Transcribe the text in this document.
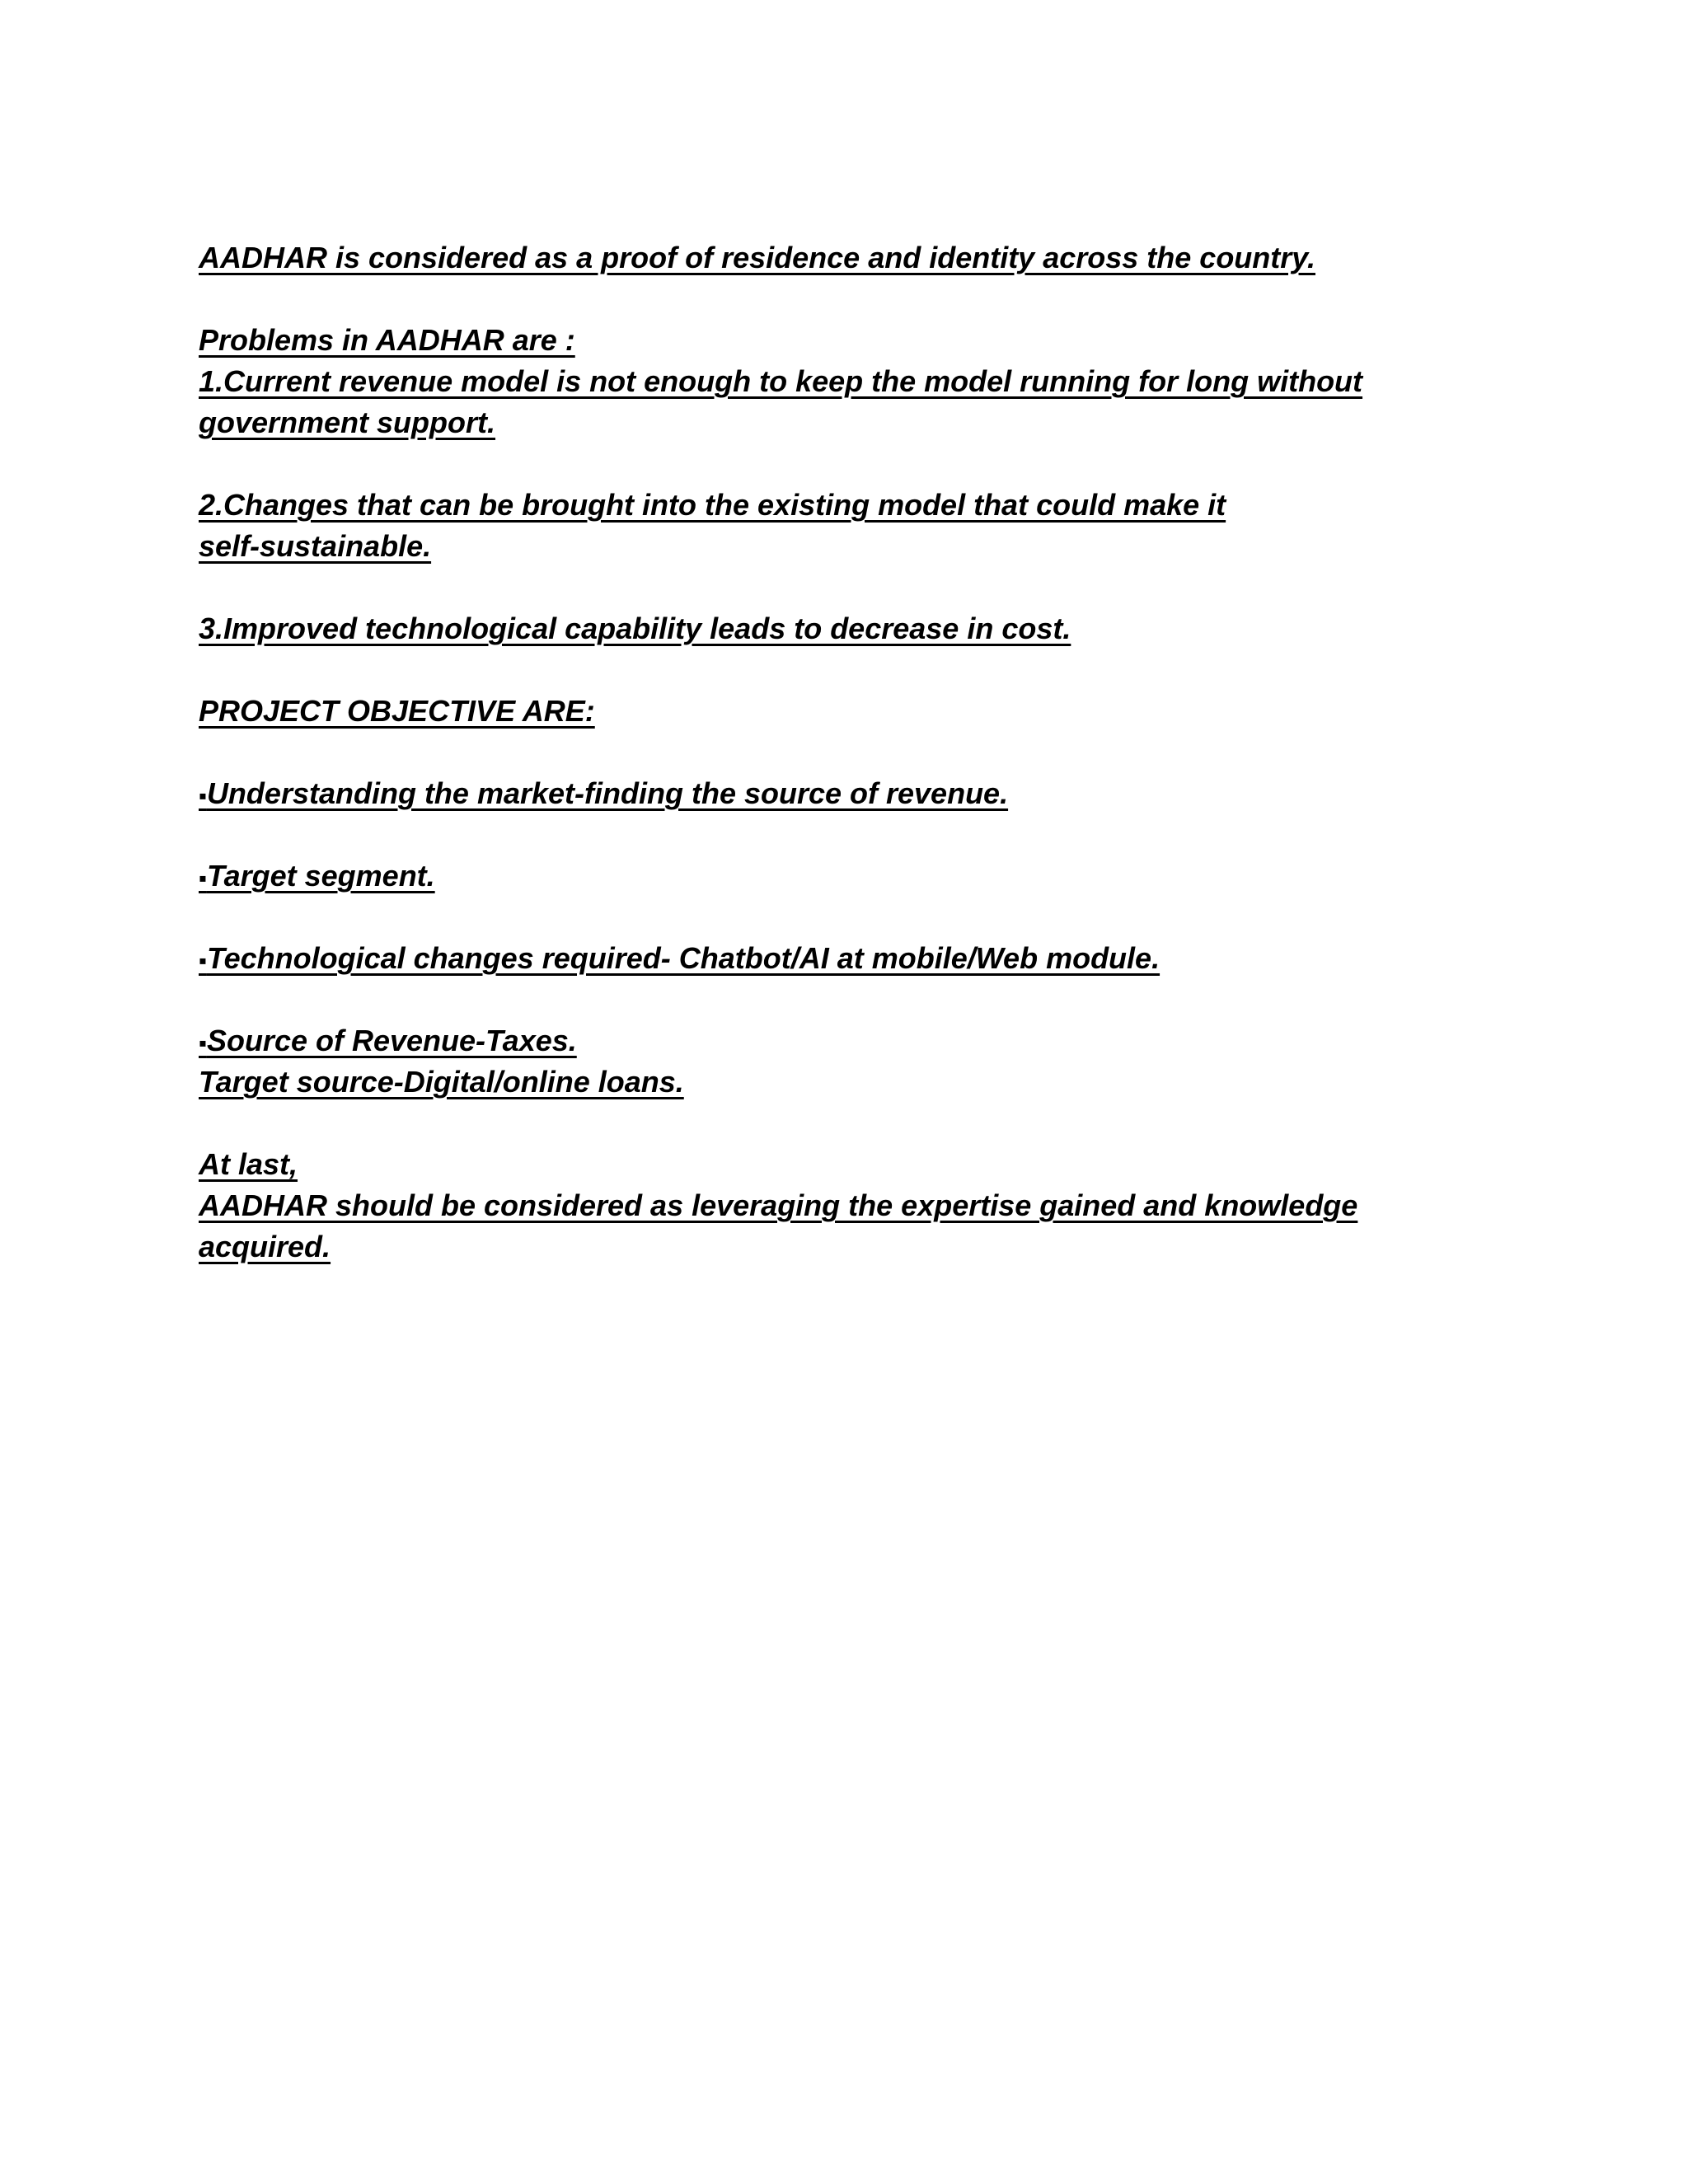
AADHAR is considered as a proof of residence and identity across the country.
Problems in AADHAR are :
1.Current revenue model is not enough to keep the model running for long without
government support.
2.Changes that can be brought into the existing model that could make it
self-sustainable.
3.Improved technological capability leads to decrease in cost.
PROJECT OBJECTIVE ARE:
▪Understanding the market-finding the source of revenue.
▪Target segment.
▪Technological changes required- Chatbot/AI at mobile/Web module.
▪Source of Revenue-Taxes.
Target source-Digital/online loans.
At last,
AADHAR should be considered as leveraging the expertise gained and knowledge
acquired.
